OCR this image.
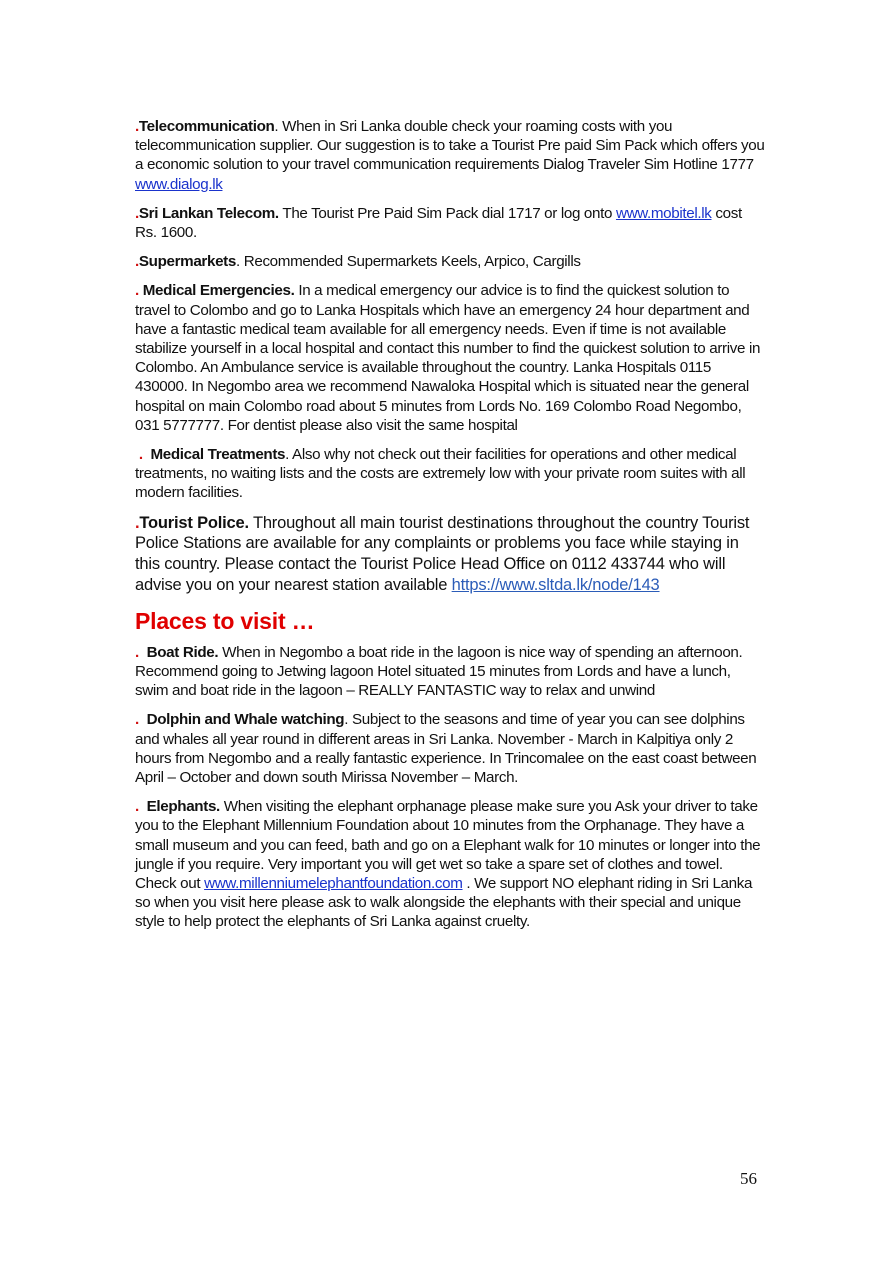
.Telecommunication. When in Sri Lanka double check your roaming costs with you telecommunication supplier. Our suggestion is to take a Tourist Pre paid Sim Pack which offers you a economic solution to your travel communication requirements Dialog Traveler Sim Hotline 1777 www.dialog.lk

.Sri Lankan Telecom. The Tourist Pre Paid Sim Pack dial 1717 or log onto www.mobitel.lk cost Rs. 1600.

.Supermarkets. Recommended Supermarkets Keels, Arpico, Cargills

. Medical Emergencies. In a medical emergency our advice is to find the quickest solution to travel to Colombo and go to Lanka Hospitals which have an emergency 24 hour department and have a fantastic medical team available for all emergency needs. Even if time is not available stabilize yourself in a local hospital and contact this number to find the quickest solution to arrive in Colombo. An Ambulance service is available throughout the country. Lanka Hospitals 0115 430000. In Negombo area we recommend Nawaloka Hospital which is situated near the general hospital on main Colombo road about 5 minutes from Lords No. 169 Colombo Road Negombo, 031 5777777. For dentist please also visit the same hospital

.  Medical Treatments. Also why not check out their facilities for operations and other medical treatments, no waiting lists and the costs are extremely low with your private room suites with all modern facilities.

.Tourist Police. Throughout all main tourist destinations throughout the country Tourist Police Stations are available for any complaints or problems you face while staying in this country. Please contact the Tourist Police Head Office on 0112 433744 who will advise you on your nearest station available https://www.sltda.lk/node/143

Places to visit …

.  Boat Ride. When in Negombo a boat ride in the lagoon is nice way of spending an afternoon. Recommend going to Jetwing lagoon Hotel situated 15 minutes from Lords and have a lunch, swim and boat ride in the lagoon – REALLY FANTASTIC way to relax and unwind

.  Dolphin and Whale watching. Subject to the seasons and time of year you can see dolphins and whales all year round in different areas in Sri Lanka. November - March in Kalpitiya only 2 hours from Negombo and a really fantastic experience. In Trincomalee on the east coast between April – October and down south Mirissa November – March.

.  Elephants. When visiting the elephant orphanage please make sure you Ask your driver to take you to the Elephant Millennium Foundation about 10 minutes from the Orphanage. They have a small museum and you can feed, bath and go on a Elephant walk for 10 minutes or longer into the jungle if you require. Very important you will get wet so take a spare set of clothes and towel. Check out www.millenniumelephantfoundation.com . We support NO elephant riding in Sri Lanka so when you visit here please ask to walk alongside the elephants with their special and unique style to help protect the elephants of Sri Lanka against cruelty.

56
